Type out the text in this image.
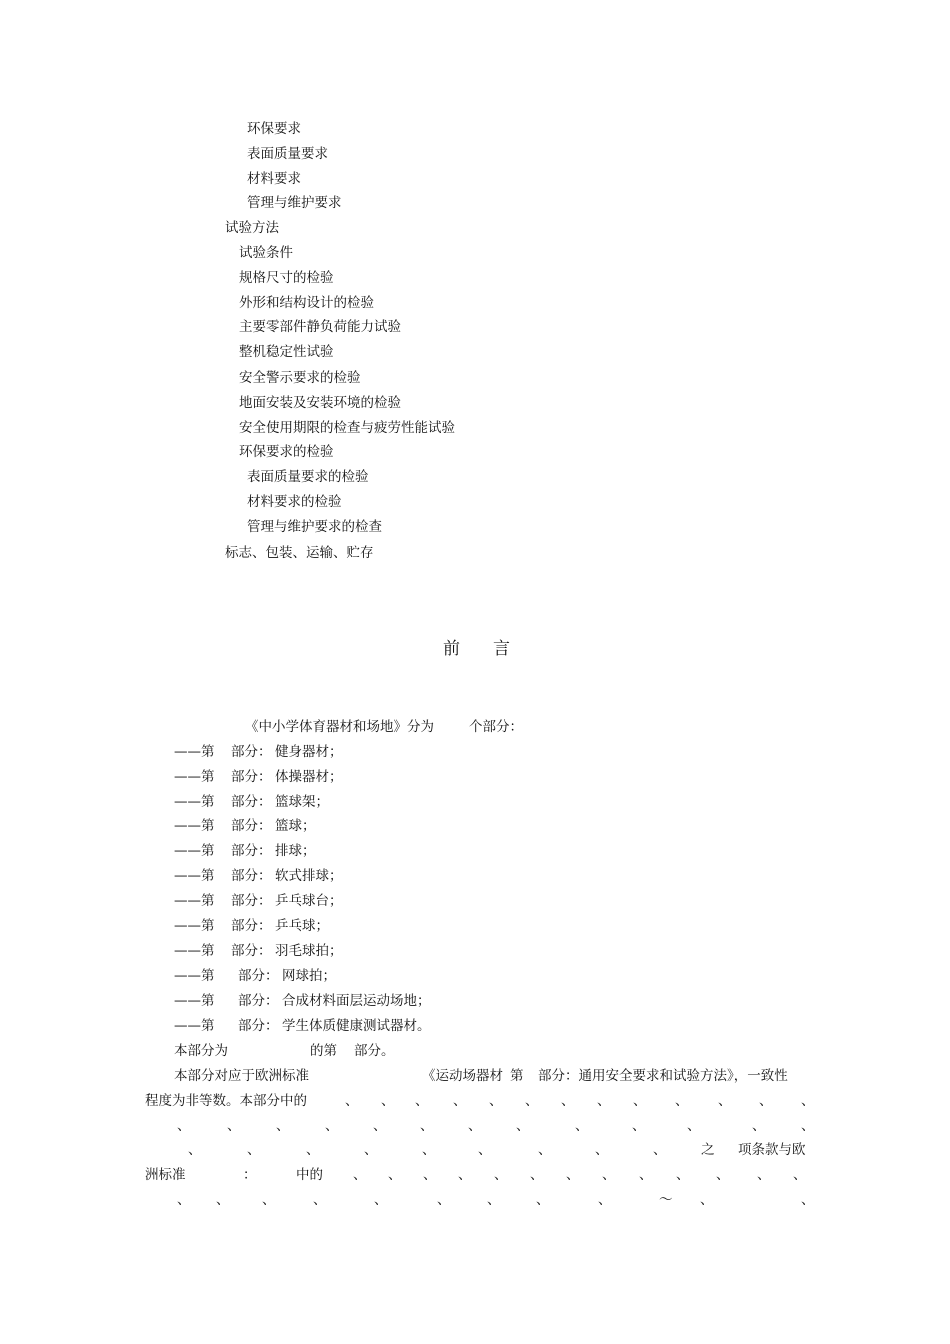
环保要求
表面质量要求
材料要求
管理与维护要求
试验方法
试验条件
规格尺寸的检验
外形和结构设计的检验
主要零部件静负荷能力试验
整机稳定性试验
安全警示要求的检验
地面安装及安装环境的检验
安全使用期限的检查与疲劳性能试验
环保要求的检验
表面质量要求的检验
材料要求的检验
管理与维护要求的检查
标志、包装、运输、贮存
前 言
《中小学体育器材和场地》分为	个部分：
——第 部分： 健身器材；
——第 部分： 体操器材；
——第 部分： 篮球架；
——第 部分： 篮球；
——第 部分： 排球；
——第 部分： 软式排球；
——第 部分： 乒乓球台；
——第 部分： 乒乓球；
——第 部分： 羽毛球拍；
——第 部分： 网球拍；
——第 部分： 合成材料面层运动场地；
——第 部分： 学生体质健康测试器材。
本部分为	的第 部分。
本部分对应于欧洲标准	《运动场器材 第 部分：通用安全要求和试验方法》，一致性
程度为非等数。本部分中的
之 项条款与欧
洲标准	：	中的
～
、 、 、 、 、 、 、 、 、 、 、 、 、
、	、	、	、	、 、	、	、	、	、	、	、	、
、	、	、	、	、	、	、	、	、
、 、 、 、 、 、 、 、 、 、 、 、 、
、 、 、	、	、	、	、	、	、	、	、
